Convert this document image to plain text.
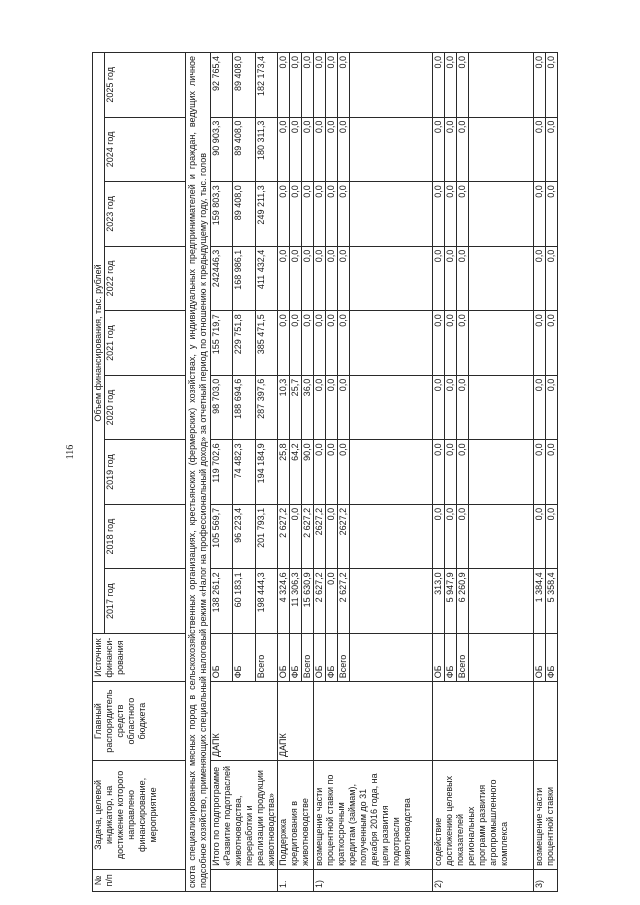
116
№ п/п	Задача, целевой индикатор, на достижение которого направлено финансирование, мероприятие	Главный распорядитель средств областного бюджета	Источник финанси-рования	Объем финансирования, тыс. рублей								
				2017 год	2018 год	2019 год	2020 год	2021 год	2022 год	2023 год	2024 год	2025 год
скота специализированных мясных пород в сельскохозяйственных организациях, крестьянских (фермерских) хозяйствах, у индивидуальных предпринимателей и граждан, ведущих личное подсобное хозяйство, применяющих специальный налоговый режим «Налог на профессиональный доход» за отчетный период по отношению к предыдущему году, тыс. голов												
	Итого по подпрограмме «Развитие подотраслей животноводства, переработки и реализации продукции животноводства»	ДАПК	ОБ	138 261,2	105 569,7	119 702,6	98 703,0	155 719,7	242446,3	159 803,3	90 903,3	92 765,4
			ФБ	60 183,1	96 223,4	74 482,3	188 694,6	229 751,8	168 986,1	89 408,0	89 408,0	89 408,0
			Всего	198 444,3	201 793,1	194 184,9	287 397,6	385 471,5	411 432,4	249 211,3	180 311,3	182 173,4
1.	Поддержка кредитования в животноводстве	ДАПК	ОБ	4 324,6	2 627,2	25,8	10,3	0,0	0,0	0,0	0,0	0,0
			ФБ	11 306,3	0,0	64,2	25,7	0,0	0,0	0,0	0,0	0,0
			Всего	15 630,9	2 627,2	90,0	36,0	0,0	0,0	0,0	0,0	0,0
1)	возмещение части процентной ставки по краткосрочным кредитам (займам), полученным до 31 декабря 2016 года, на цели развития подотрасли животноводства		ОБ	2 627,2	2627,2	0,0	0,0	0,0	0,0	0,0	0,0	0,0
			ФБ	0,0	0,0	0,0	0,0	0,0	0,0	0,0	0,0	0,0
			Всего	2 627,2	2627,2	0,0	0,0	0,0	0,0	0,0	0,0	0,0

2)	содействие достижению целевых показателей региональных программ развития агропромышленного комплекса		ОБ	313,0	0,0	0,0	0,0	0,0	0,0	0,0	0,0	0,0
			ФБ	5 947,9	0,0	0,0	0,0	0,0	0,0	0,0	0,0	0,0
			Всего	6 260,9	0,0	0,0	0,0	0,0	0,0	0,0	0,0	0,0

3)	возмещение части процентной ставки		ОБ	1 384,4	0,0	0,0	0,0	0,0	0,0	0,0	0,0	0,0
			ФБ	5 358,4	0,0	0,0	0,0	0,0	0,0	0,0	0,0	0,0
